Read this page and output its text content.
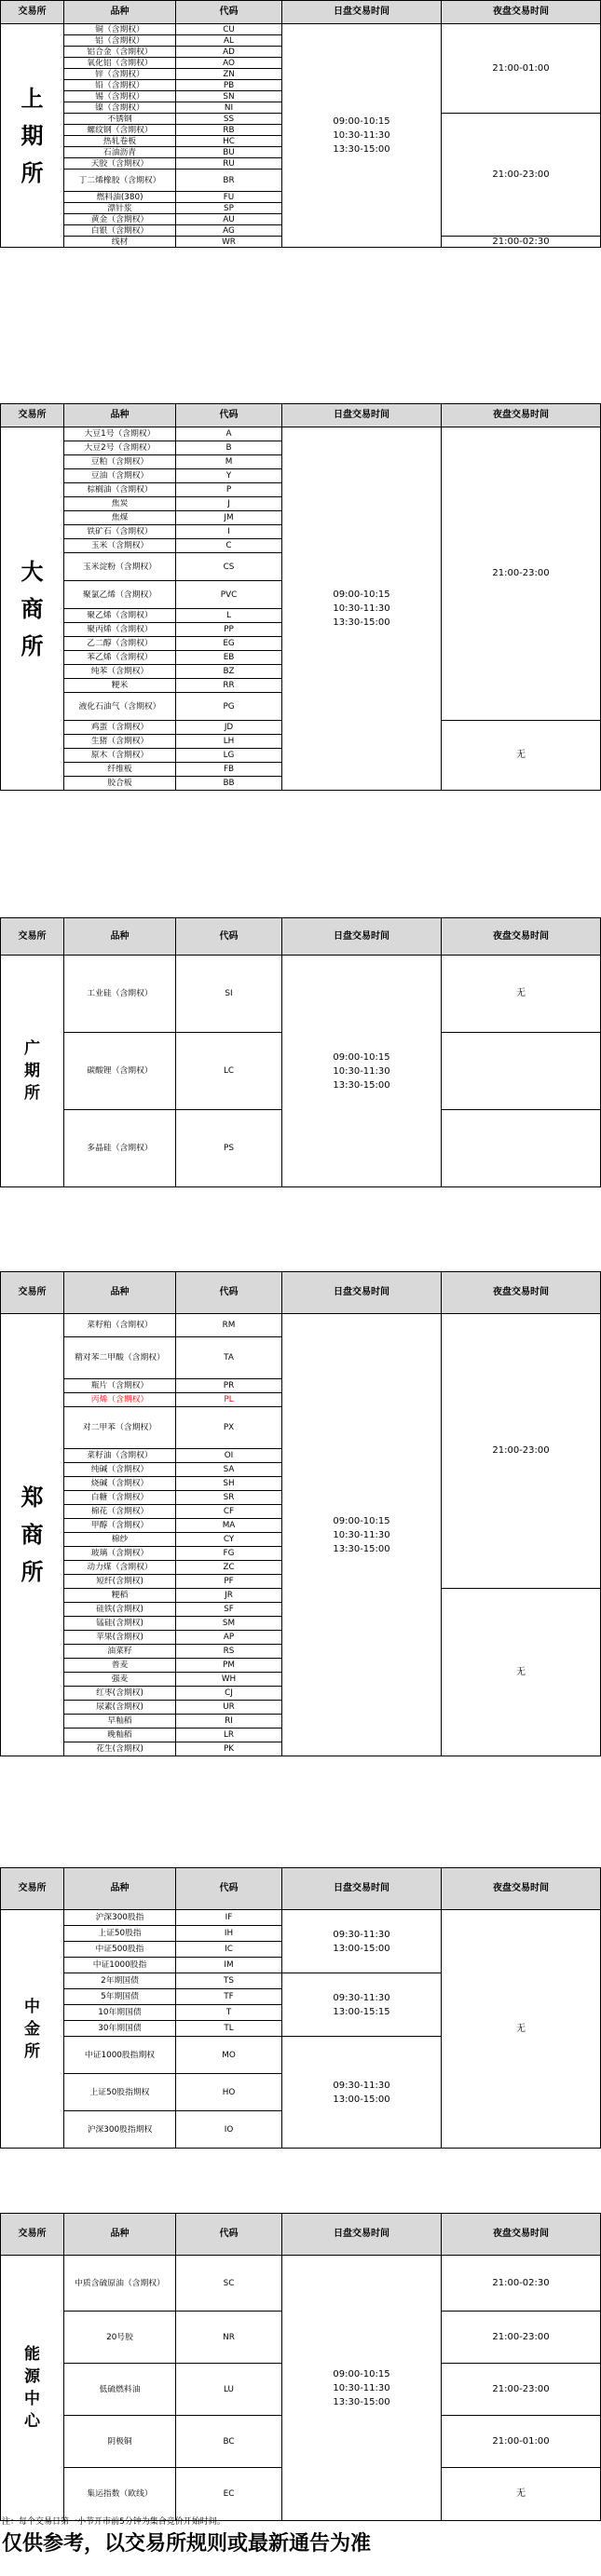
交易所	品种	代码	日盘交易时间	夜盘交易时间
上
期
所	铜（含期权）	CU	09:00-10:15
10:30-11:30
13:30-15:00	21:00-01:00
	铝（含期权）	AL		
	铝合金（含期权）	AD		
	氧化铝（含期权）	AO		
	锌（含期权）	ZN		
	铅（含期权）	PB		
	锡（含期权）	SN		
	镍（含期权）	NI		
	不锈钢	SS		21:00-23:00
	螺纹钢（含期权）	RB		
	热轧卷板	HC		
	石油沥青	BU		
	天胶（含期权）	RU		
	丁二烯橡胶（含期权）	BR		
	燃料油(380)	FU		
	漂针浆	SP		
	黄金（含期权）	AU		
	白银（含期权）	AG		
	线材	WR		21:00-02:30
交易所	品种	代码	日盘交易时间	夜盘交易时间
大
商
所	大豆1号（含期权）	A	09:00-10:15
10:30-11:30
13:30-15:00	21:00-23:00
	大豆2号（含期权）	B		
	豆粕（含期权）	M		
	豆油（含期权）	Y		
	棕榈油（含期权）	P		
	焦炭	J		
	焦煤	JM		
	铁矿石（含期权）	I		
	玉米（含期权）	C		
	玉米淀粉（含期权）	CS		
	聚氯乙烯（含期权）	PVC		
	聚乙烯（含期权）	L		
	聚丙烯（含期权）	PP		
	乙二醇（含期权）	EG		
	苯乙烯（含期权）	EB		
	纯苯（含期权）	BZ		
	粳米	RR		
	液化石油气（含期权）	PG		
	鸡蛋（含期权）	JD		无
	生猪（含期权）	LH		
	原木（含期权）	LG		
	纤维板	FB		
	胶合板	BB		
交易所	品种	代码	日盘交易时间	夜盘交易时间
广
期
所	工业硅（含期权）	SI	09:00-10:15
10:30-11:30
13:30-15:00	无
	碳酸锂（含期权）	LC		
	多晶硅（含期权）	PS		
交易所	品种	代码	日盘交易时间	夜盘交易时间
郑
商
所	菜籽粕（含期权）	RM	09:00-10:15
10:30-11:30
13:30-15:00	21:00-23:00
	精对苯二甲酸（含期权）	TA		
	瓶片（含期权）	PR		
	丙烯（含期权）	PL		
	对二甲苯（含期权）	PX		
	菜籽油（含期权）	OI		
	纯碱（含期权）	SA		
	烧碱（含期权）	SH		
	白糖（含期权）	SR		
	棉花（含期权）	CF		
	甲醇（含期权）	MA		
	棉纱	CY		
	玻璃（含期权）	FG		
	动力煤（含期权）	ZC		
	短纤(含期权)	PF		
	粳稻	JR		无
	硅铁(含期权)	SF		
	锰硅(含期权)	SM		
	苹果(含期权)	AP		
	油菜籽	RS		
	普麦	PM		
	强麦	WH		
	红枣(含期权)	CJ		
	尿素(含期权)	UR		
	早籼稻	RI		
	晚籼稻	LR		
	花生(含期权)	PK		
交易所	品种	代码	日盘交易时间	夜盘交易时间
中
金
所	沪深300股指	IF	09:30-11:30
13:00-15:00	无
	上证50股指	IH		
	中证500股指	IC		
	中证1000股指	IM		
	2年期国债	TS	09:30-11:30
13:00-15:15	
	5年期国债	TF		
	10年期国债	T		
	30年期国债	TL		
	中证1000股指期权	MO	09:30-11:30
13:00-15:00	
	上证50股指期权	HO		
	沪深300股指期权	IO		
交易所	品种	代码	日盘交易时间	夜盘交易时间
能
源
中
心	中质含硫原油（含期权）	SC	09:00-10:15
10:30-11:30
13:30-15:00	21:00-02:30
	20号胶	NR		21:00-23:00
	低硫燃料油	LU		21:00-23:00
	阴极铜	BC		21:00-01:00
	集运指数（欧线）	EC		无
注：每个交易日第一小节开市前5分钟为集合竞价开始时间。
仅供参考，以交易所规则或最新通告为准
